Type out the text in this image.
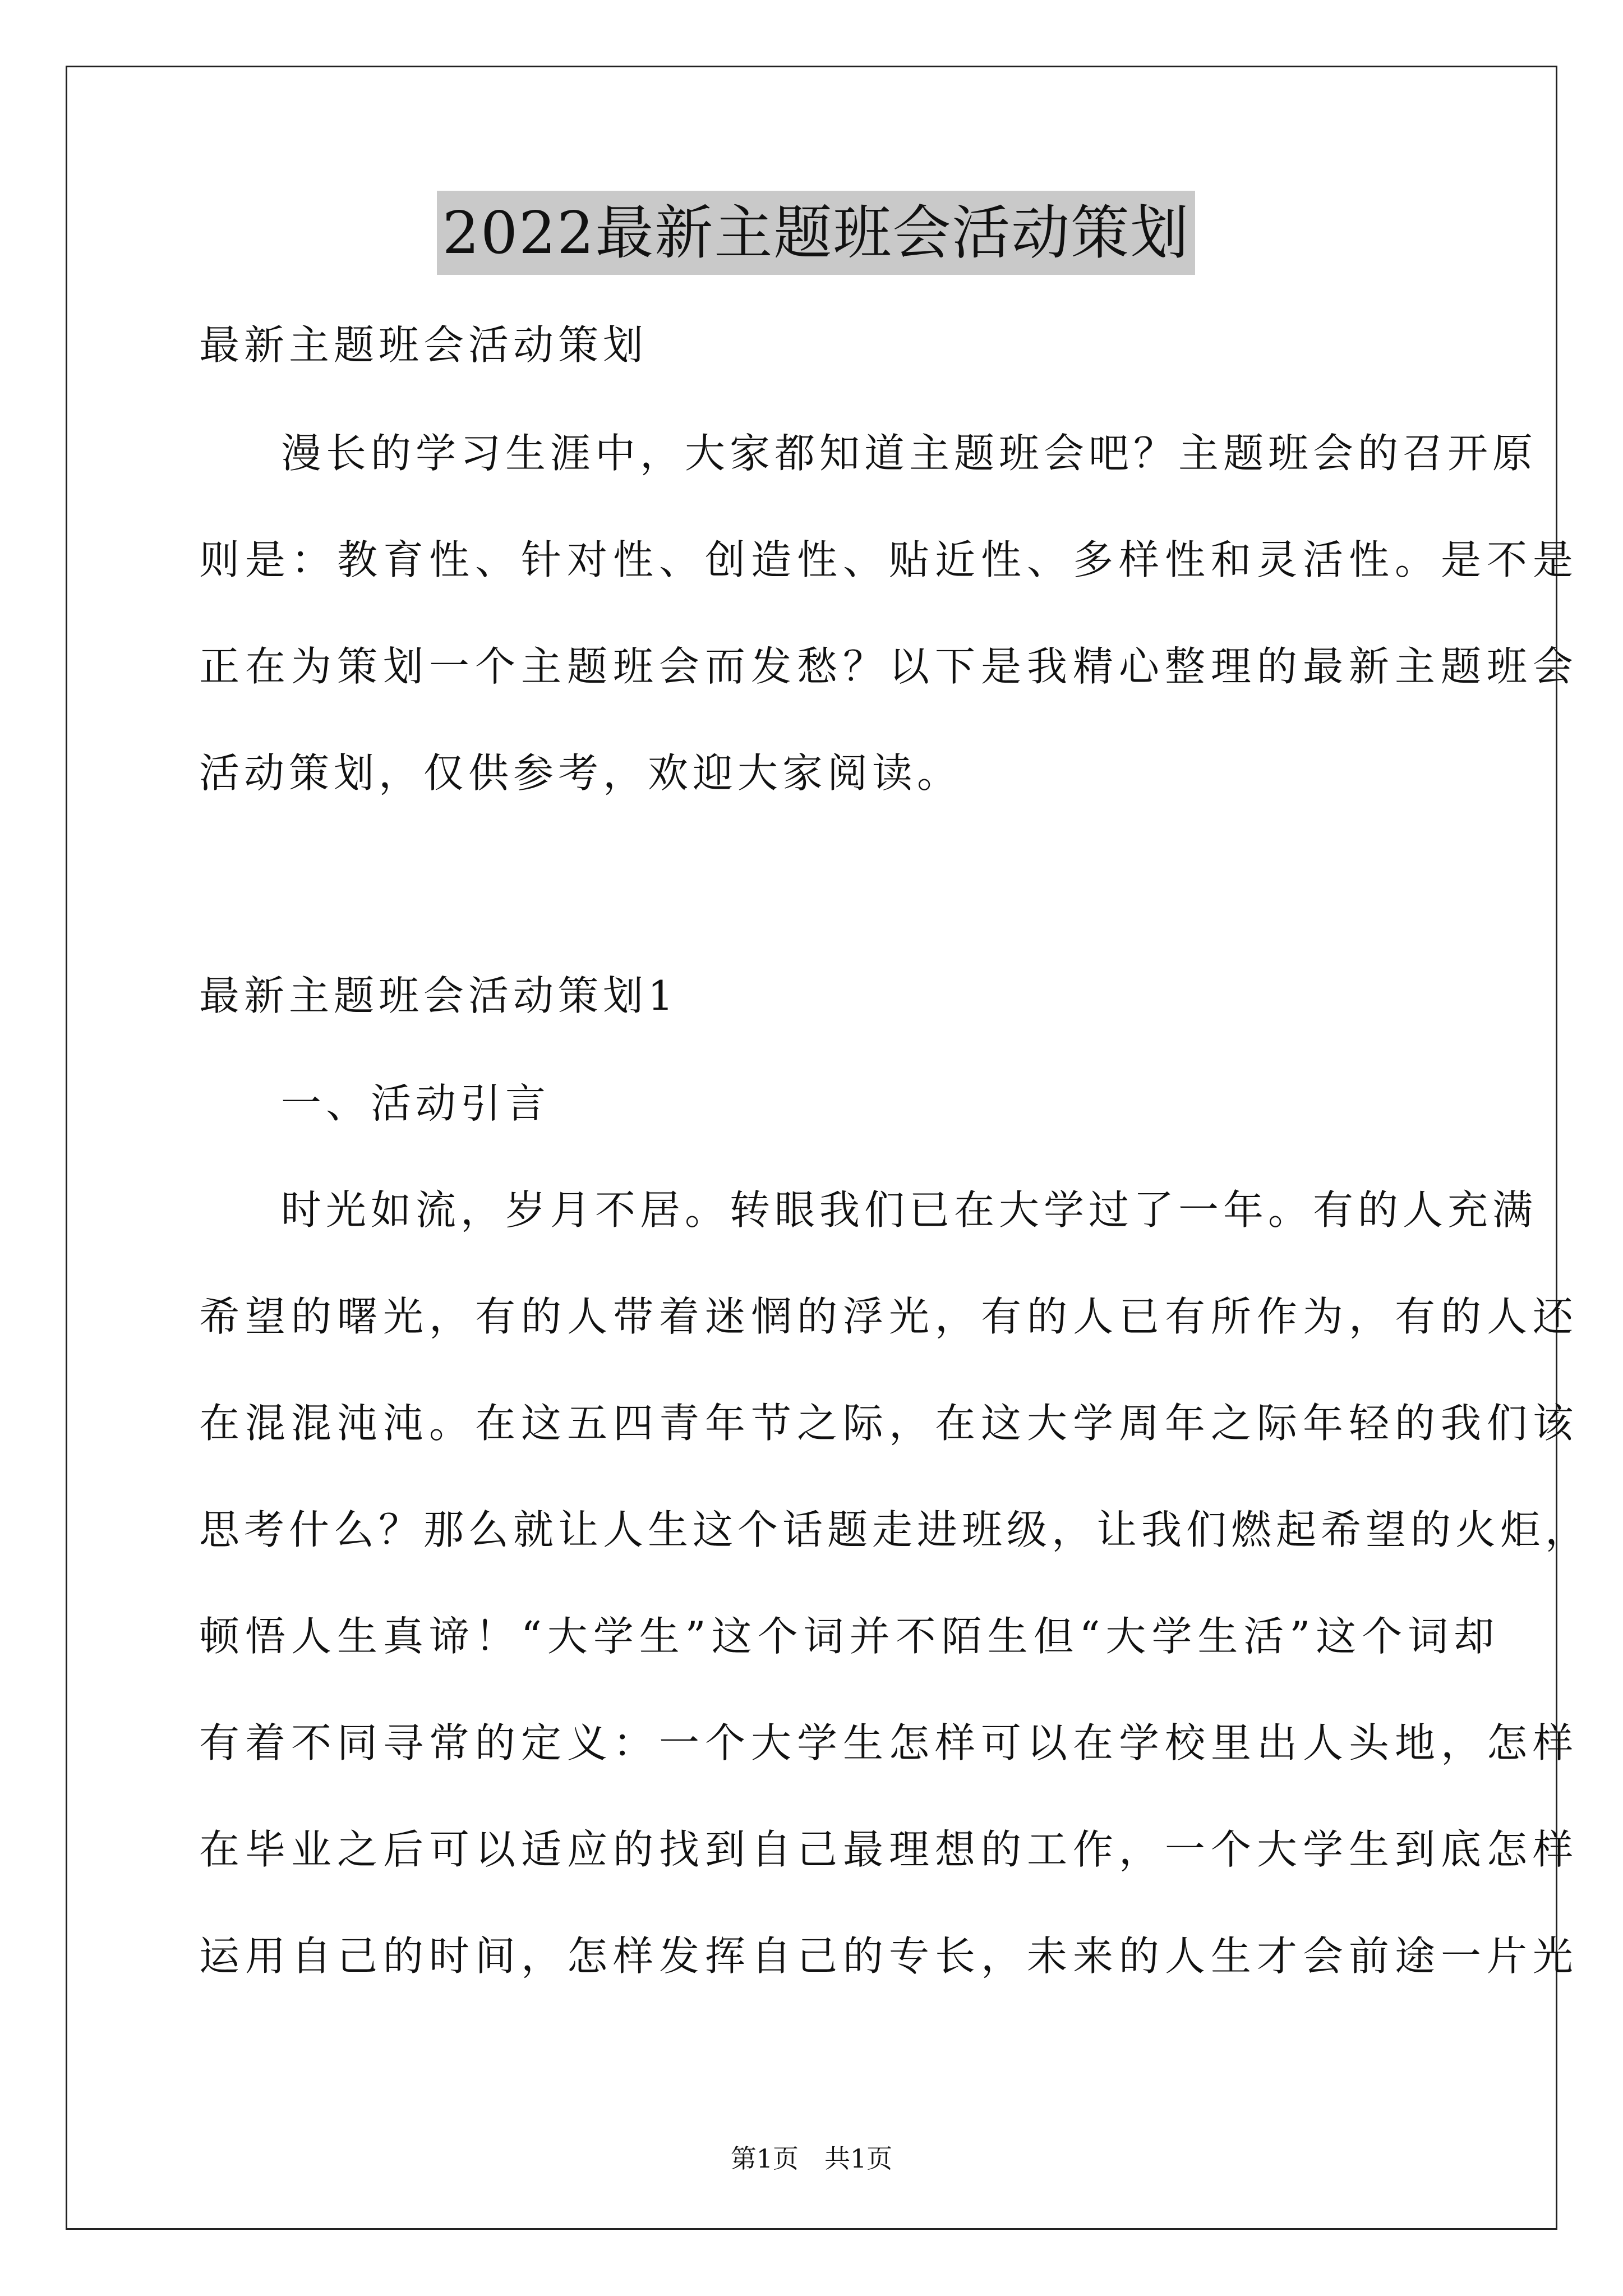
2022最新主题班会活动策划
最新主题班会活动策划
漫长的学习生涯中，大家都知道主题班会吧？主题班会的召开原
则是：教育性、针对性、创造性、贴近性、多样性和灵活性。是不是
正在为策划一个主题班会而发愁？以下是我精心整理的最新主题班会
活动策划，仅供参考，欢迎大家阅读。
最新主题班会活动策划1
一、活动引言
时光如流，岁月不居。转眼我们已在大学过了一年。有的人充满
希望的曙光，有的人带着迷惘的浮光，有的人已有所作为，有的人还
在混混沌沌。在这五四青年节之际，在这大学周年之际年轻的我们该
思考什么？那么就让人生这个话题走进班级，让我们燃起希望的火炬，
顿悟人生真谛！“大学生”这个词并不陌生但“大学生活”这个词却
有着不同寻常的定义：一个大学生怎样可以在学校里出人头地，怎样
在毕业之后可以适应的找到自己最理想的工作，一个大学生到底怎样
运用自己的时间，怎样发挥自己的专长，未来的人生才会前途一片光
第1页　共1页
